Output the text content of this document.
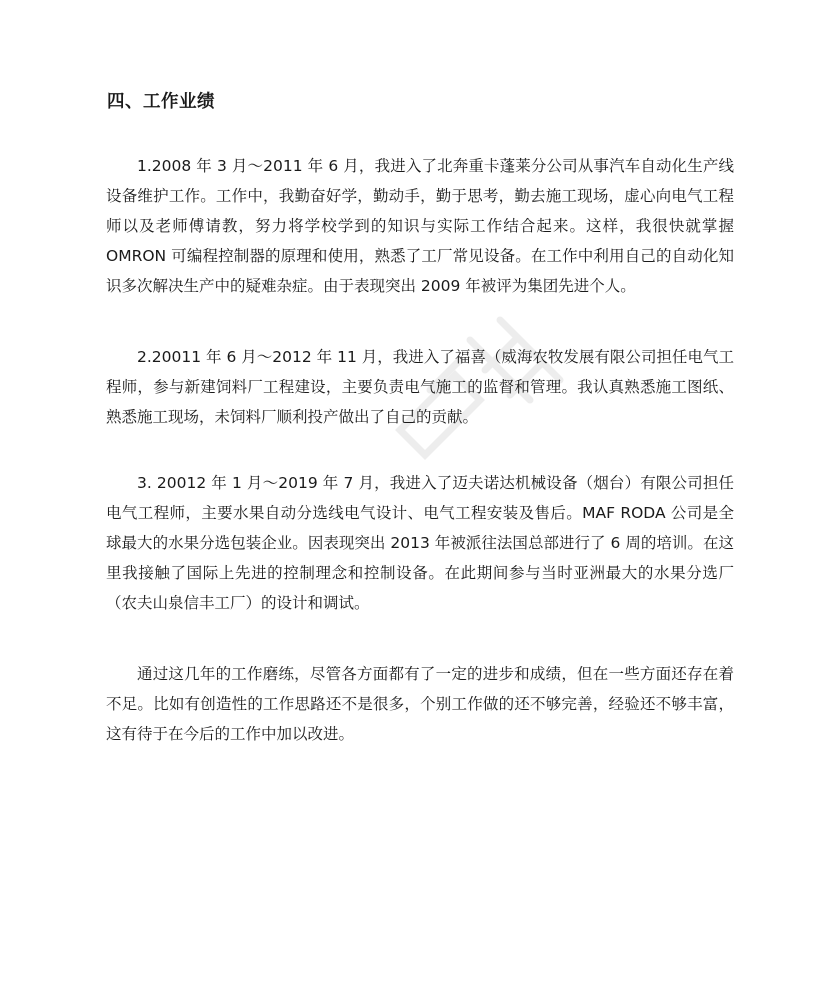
四、工作业绩

1.2008 年 3 月～2011 年 6 月，我进入了北奔重卡蓬莱分公司从事汽车自动化生产线设备维护工作。工作中，我勤奋好学，勤动手，勤于思考，勤去施工现场，虚心向电气工程师以及老师傅请教，努力将学校学到的知识与实际工作结合起来。这样，我很快就掌握 OMRON 可编程控制器的原理和使用，熟悉了工厂常见设备。在工作中利用自己的自动化知识多次解决生产中的疑难杂症。由于表现突出 2009 年被评为集团先进个人。

2.20011 年 6 月～2012 年 11 月，我进入了福喜（威海农牧发展有限公司担任电气工程师，参与新建饲料厂工程建设，主要负责电气施工的监督和管理。我认真熟悉施工图纸、熟悉施工现场，未饲料厂顺利投产做出了自己的贡献。

3. 20012 年 1 月～2019 年 7 月，我进入了迈夫诺达机械设备（烟台）有限公司担任电气工程师，主要水果自动分选线电气设计、电气工程安装及售后。MAF RODA 公司是全球最大的水果分选包装企业。因表现突出 2013 年被派往法国总部进行了 6 周的培训。在这里我接触了国际上先进的控制理念和控制设备。在此期间参与当时亚洲最大的水果分选厂（农夫山泉信丰工厂）的设计和调试。

通过这几年的工作磨练，尽管各方面都有了一定的进步和成绩，但在一些方面还存在着不足。比如有创造性的工作思路还不是很多，个别工作做的还不够完善，经验还不够丰富，这有待于在今后的工作中加以改进。
